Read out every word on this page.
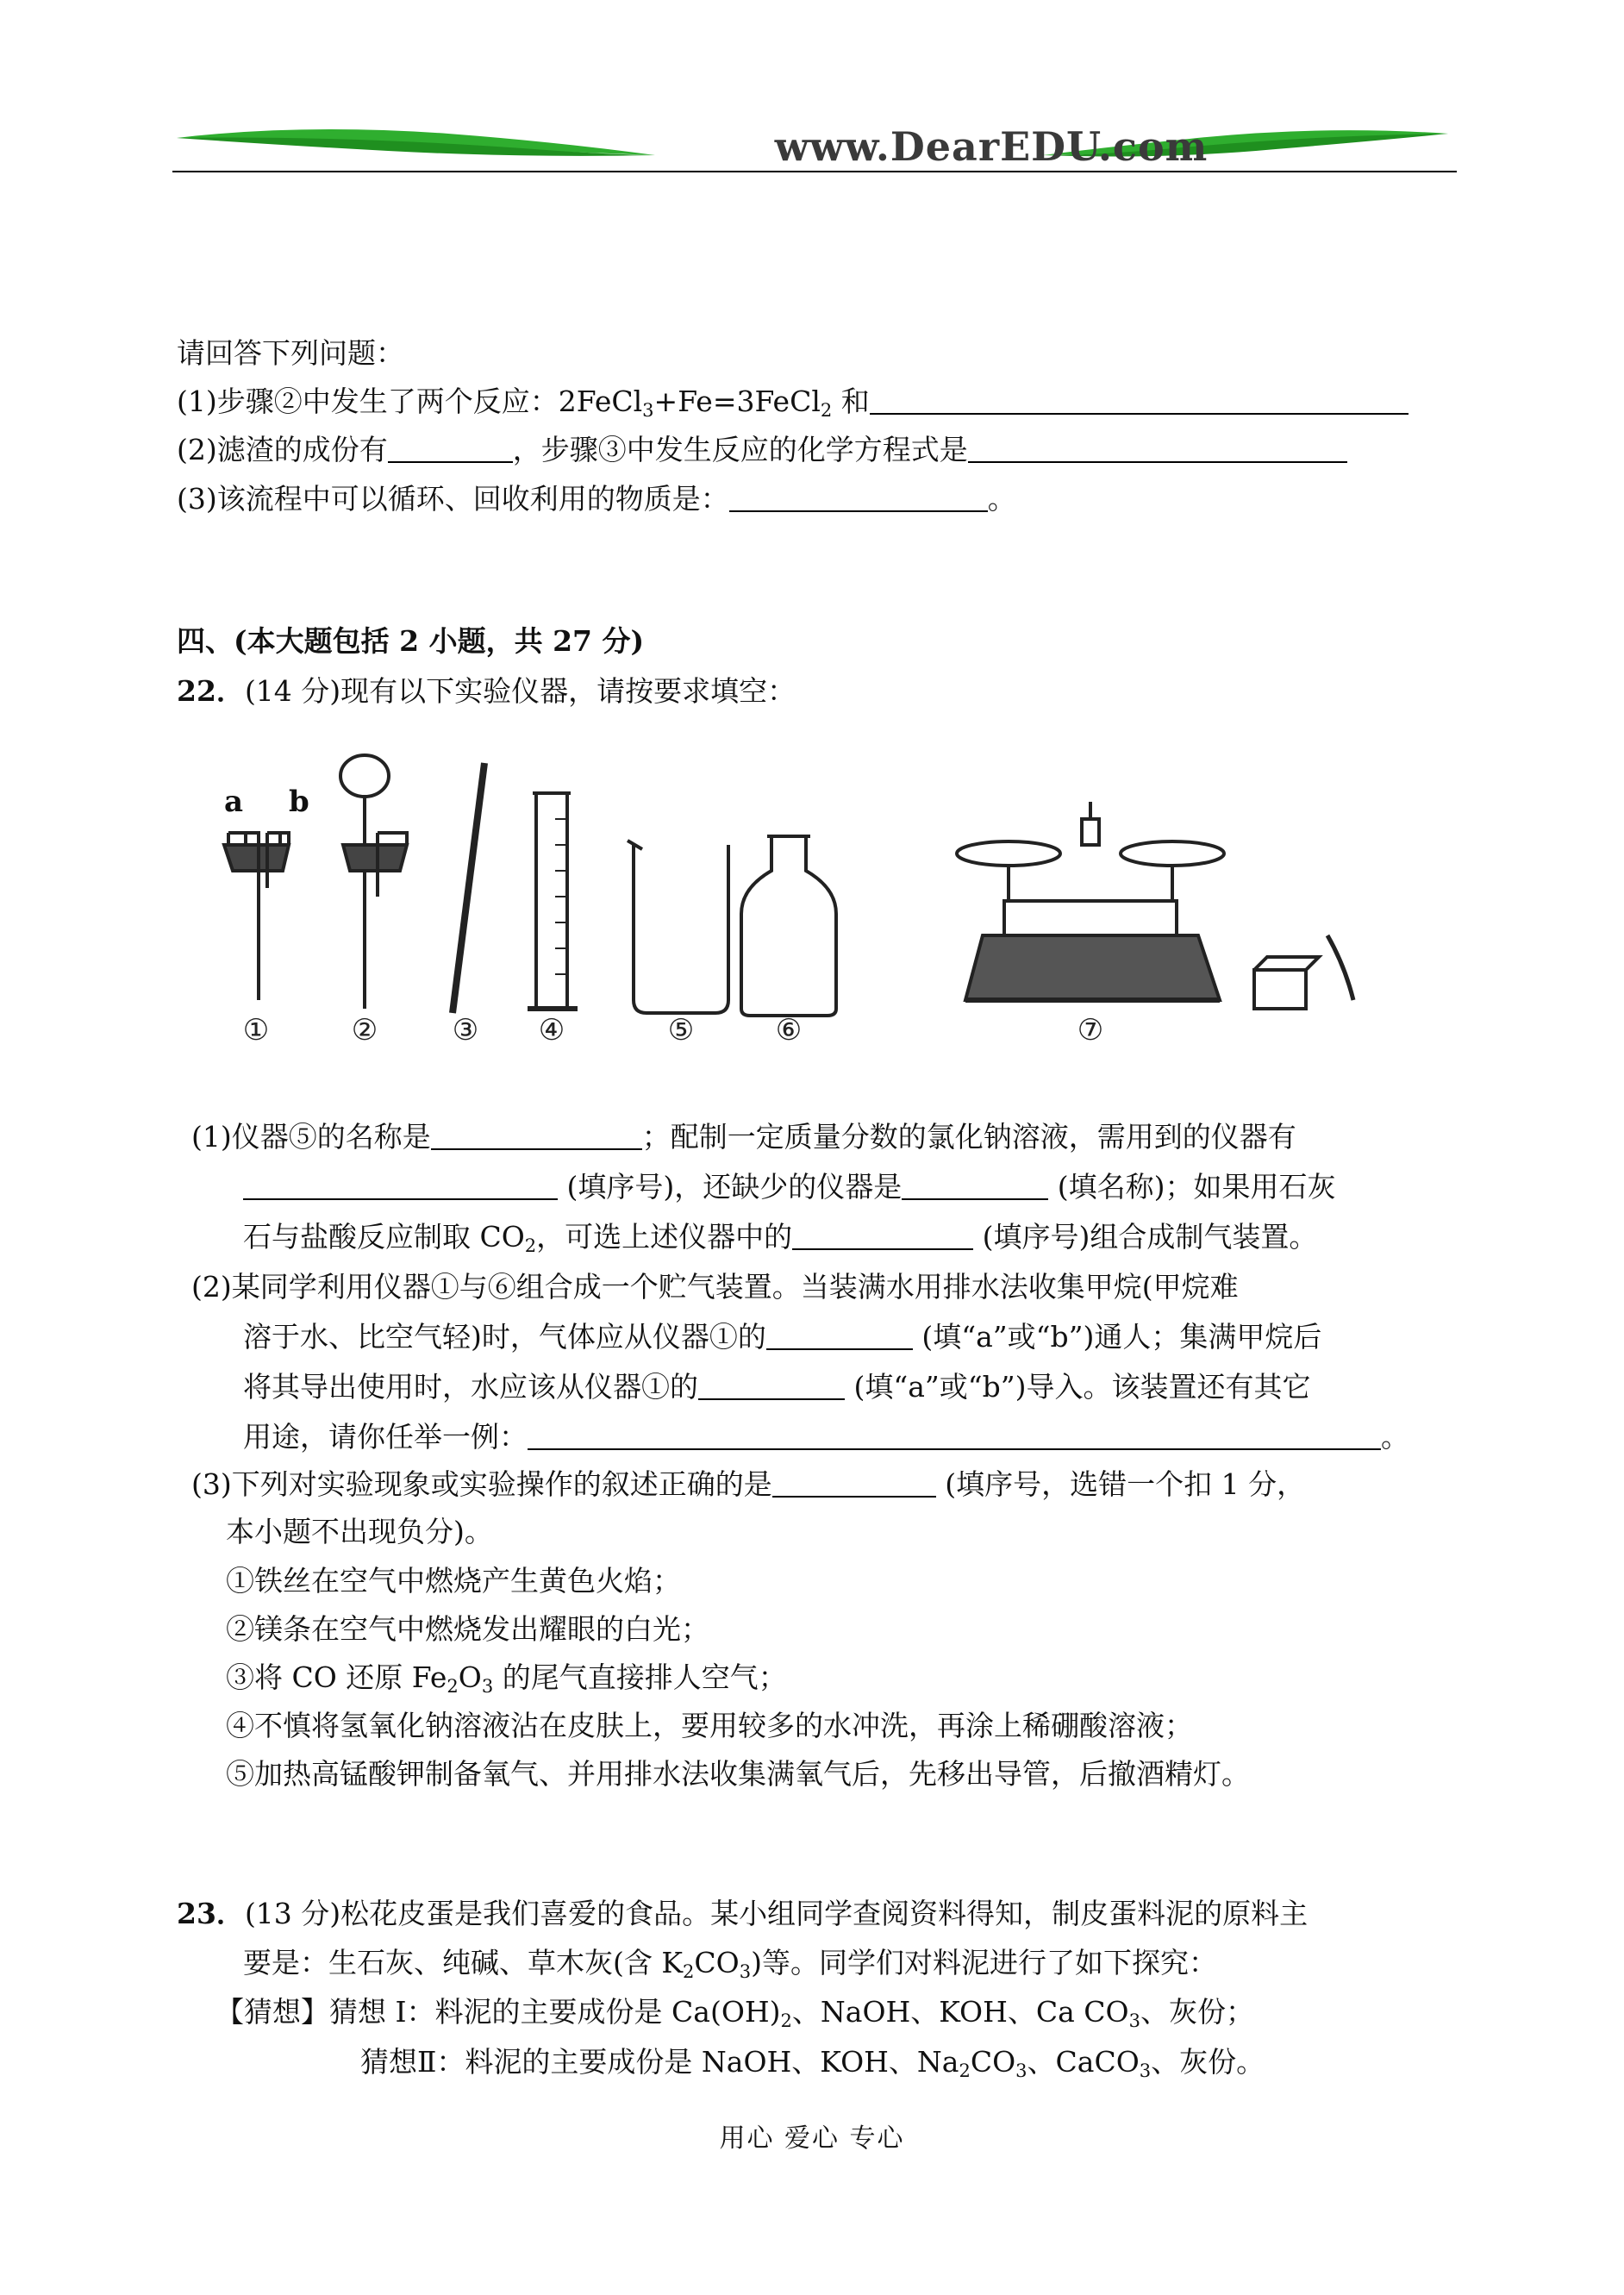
www.DearEDU.com
请回答下列问题：
(1)步骤②中发生了两个反应：2FeCl$_3$+Fe=3FeCl$_2$ 和
(2)滤渣的成份有	，步骤③中发生反应的化学方程式是
(3)该流程中可以循环、回收利用的物质是：	。
四、(本大题包括 2 小题，共 27 分)
22．(14 分)现有以下实验仪器，请按要求填空：
a b
①	②	③ ④	⑤	⑥	⑦
(1)仪器⑤的名称是	；配制一定质量分数的氯化钠溶液，需用到的仪器有
(填序号)，还缺少的仪器是	(填名称)；如果用石灰
石与盐酸反应制取 $CO_2$，可选上述仪器中的	(填序号)组合成制气装置。
(2)某同学利用仪器①与⑥组合成一个贮气装置。当装满水用排水法收集甲烷(甲烷难
溶于水、比空气轻)时，气体应从仪器①的	(填“a”或“b”)通人；集满甲烷后
将其导出使用时，水应该从仪器①的	(填“a”或“b”)导入。该装置还有其它
用途，请你任举一例：	。
(3)下列对实验现象或实验操作的叙述正确的是	(填序号，选错一个扣 1 分，
本小题不出现负分)。
①铁丝在空气中燃烧产生黄色火焰；
②镁条在空气中燃烧发出耀眼的白光；
③将 CO 还原 $Fe_2O_3$ 的尾气直接排人空气；
④不慎将氢氧化钠溶液沾在皮肤上，要用较多的水冲洗，再涂上稀硼酸溶液；
⑤加热高锰酸钾制备氧气、并用排水法收集满氧气后，先移出导管，后撤酒精灯。
23．(13 分)松花皮蛋是我们喜爱的食品。某小组同学查阅资料得知，制皮蛋料泥的原料主
要是：生石灰、纯碱、草木灰(含 $K_2CO_3$)等。同学们对料泥进行了如下探究：
【猜想】猜想 I：料泥的主要成份是 $Ca(OH)_2$、NaOH、KOH、Ca $CO_3$、灰份；
猜想Ⅱ：料泥的主要成份是 NaOH、KOH、$Na_2CO_3$、CaCO$_3$、灰份。
用心 爱心 专心
